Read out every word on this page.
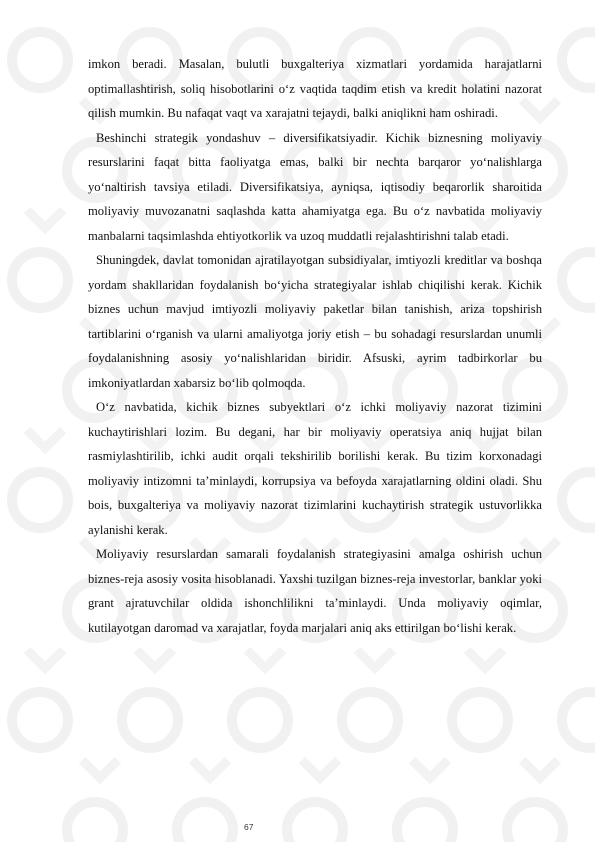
imkon beradi. Masalan, bulutli buxgalteriya xizmatlari yordamida harajatlarni optimallashtirish, soliq hisobotlarini o‘z vaqtida taqdim etish va kredit holatini nazorat qilish mumkin. Bu nafaqat vaqt va xarajatni tejaydi, balki aniqlikni ham oshiradi.

Beshinchi strategik yondashuv – diversifikatsiyadir. Kichik biznesning moliyaviy resurslarini faqat bitta faoliyatga emas, balki bir nechta barqaror yo‘nalishlarga yo‘naltirish tavsiya etiladi. Diversifikatsiya, ayniqsa, iqtisodiy beqarorlik sharoitida moliyaviy muvozanatni saqlashda katta ahamiyatga ega. Bu o‘z navbatida moliyaviy manbalarni taqsimlashda ehtiyotkorlik va uzoq muddatli rejalashtirishni talab etadi.

Shuningdek, davlat tomonidan ajratilayotgan subsidiyalar, imtiyozli kreditlar va boshqa yordam shakllaridan foydalanish bo‘yicha strategiyalar ishlab chiqilishi kerak. Kichik biznes uchun mavjud imtiyozli moliyaviy paketlar bilan tanishish, ariza topshirish tartiblarini o‘rganish va ularni amaliyotga joriy etish – bu sohadagi resurslardan unumli foydalanishning asosiy yo‘nalishlaridan biridir. Afsuski, ayrim tadbirkorlar bu imkoniyatlardan xabarsiz bo‘lib qolmoqda.

O‘z navbatida, kichik biznes subyektlari o‘z ichki moliyaviy nazorat tizimini kuchaytirishlari lozim. Bu degani, har bir moliyaviy operatsiya aniq hujjat bilan rasmiylashtirilib, ichki audit orqali tekshirilib borilishi kerak. Bu tizim korxonadagi moliyaviy intizomni ta’minlaydi, korrupsiya va befoyda xarajatlarning oldini oladi. Shu bois, buxgalteriya va moliyaviy nazorat tizimlarini kuchaytirish strategik ustuvorlikka aylanishi kerak.

Moliyaviy resurslardan samarali foydalanish strategiyasini amalga oshirish uchun biznes-reja asosiy vosita hisoblanadi. Yaxshi tuzilgan biznes-reja investorlar, banklar yoki grant ajratuvchilar oldida ishonchlilikni ta’minlaydi. Unda moliyaviy oqimlar, kutilayotgan daromad va xarajatlar, foyda marjalari aniq aks ettirilgan bo‘lishi kerak.

67
